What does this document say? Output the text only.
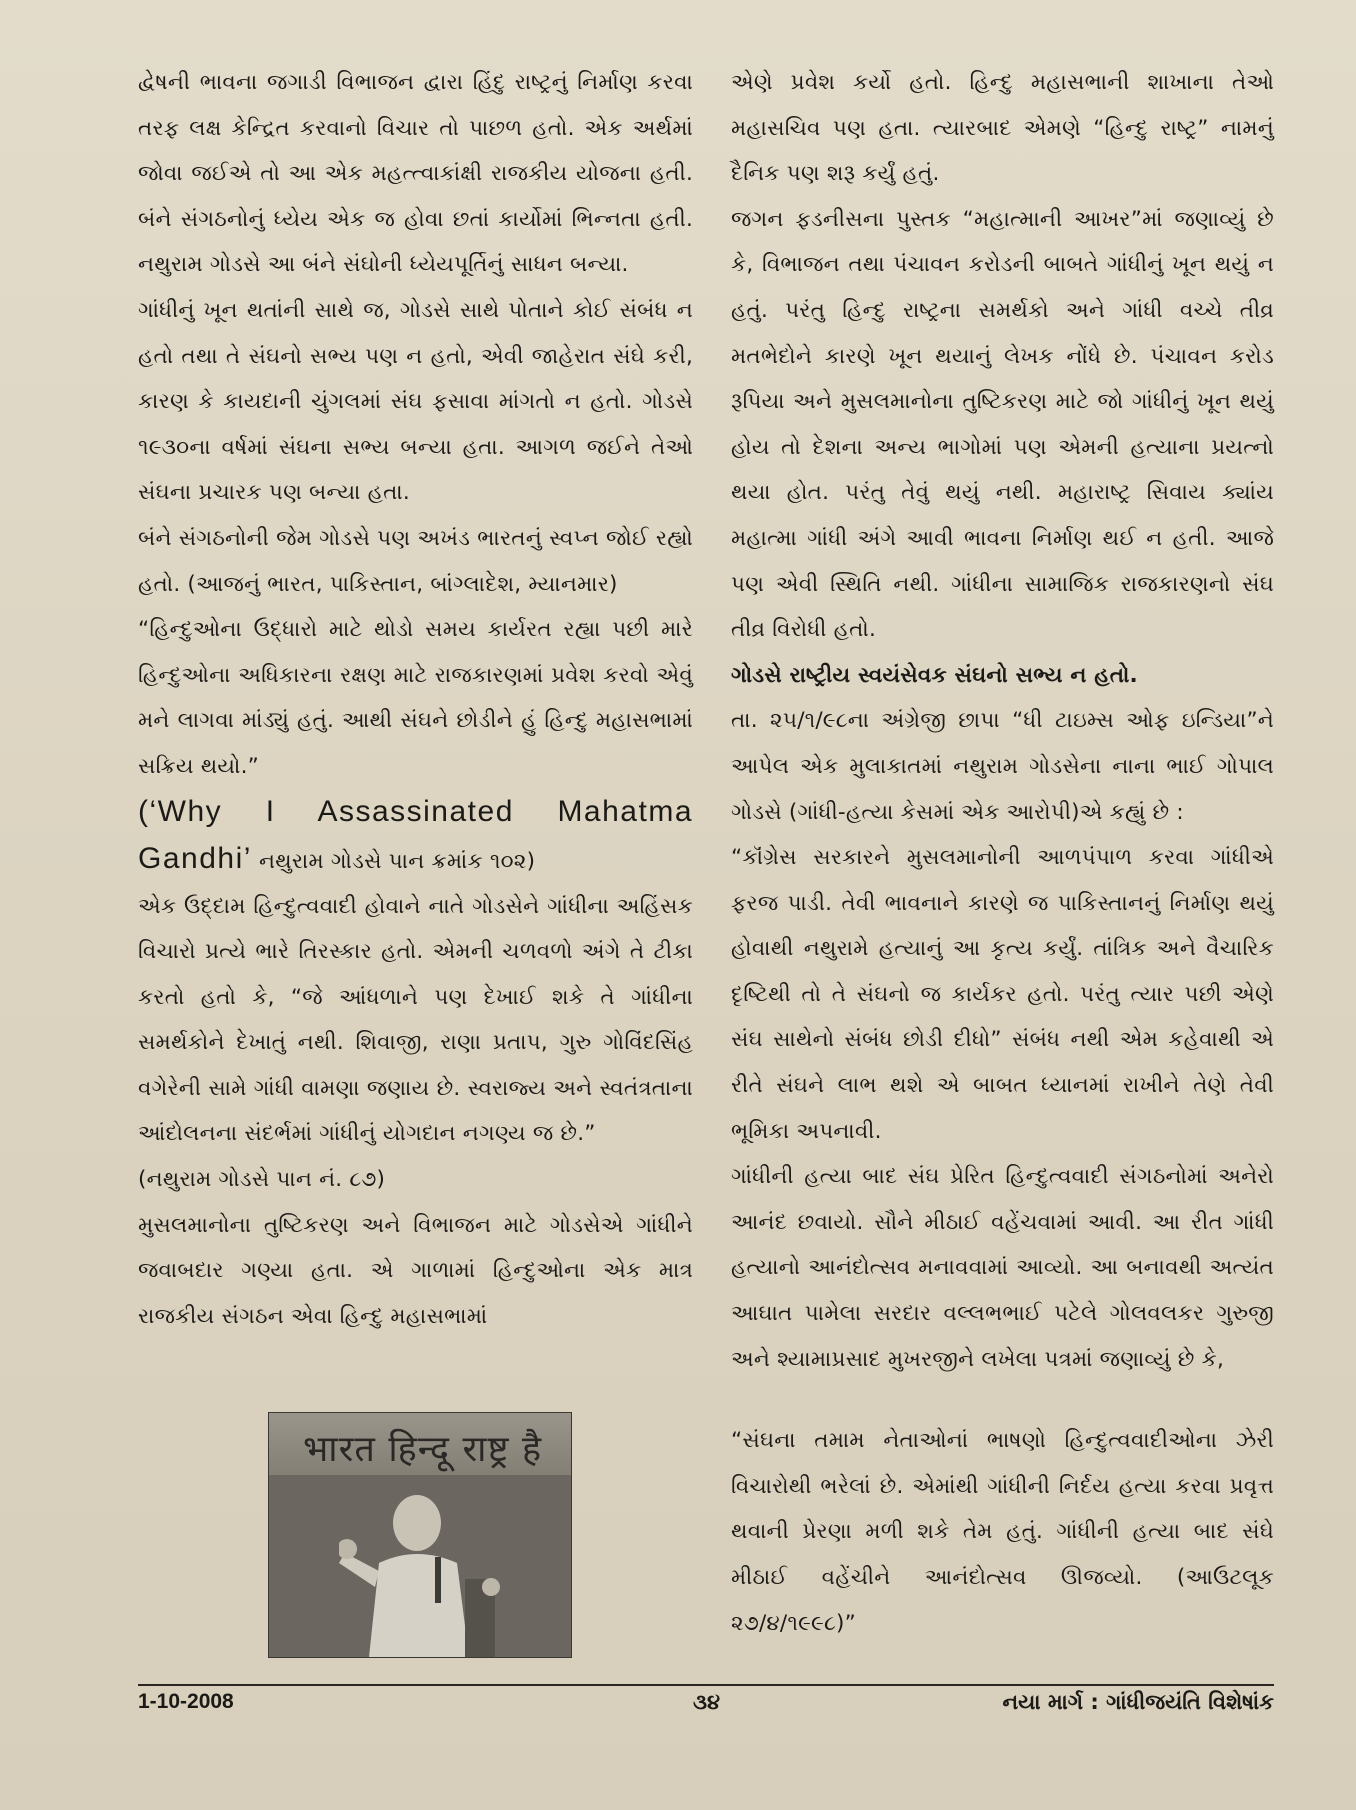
દ્વેષની ભાવના જગાડી વિભાજન દ્વારા હિંદુ રાષ્ટ્રનું નિર્માણ કરવા તરફ લક્ષ કેન્દ્રિત કરવાનો વિચાર તો પાછળ હતો. એક અર્થમાં જોવા જઈએ તો આ એક મહત્ત્વાકાંક્ષી રાજકીય યોજના હતી. બંને સંગઠનોનું ધ્યેય એક જ હોવા છતાં કાર્યોમાં ભિન્નતા હતી. નથુરામ ગોડસે આ બંને સંઘોની ધ્યેયપૂર્તિનું સાધન બન્યા.

ગાંધીનું ખૂન થતાંની સાથે જ, ગોડસે સાથે પોતાને કોઈ સંબંધ ન હતો તથા તે સંઘનો સભ્ય પણ ન હતો, એવી જાહેરાત સંઘે કરી, કારણ કે કાયદાની ચુંગલમાં સંઘ ફસાવા માંગતો ન હતો. ગોડસે ૧૯૩૦ના વર્ષમાં સંઘના સભ્ય બન્યા હતા. આગળ જઈને તેઓ સંઘના પ્રચારક પણ બન્યા હતા.

બંને સંગઠનોની જેમ ગોડસે પણ અખંડ ભારતનું સ્વપ્ન જોઈ રહ્યો હતો. (આજનું ભારત, પાકિસ્તાન, બાંગ્લાદેશ, મ્યાનમાર)

“હિન્દુઓના ઉદ્ધારો માટે થોડો સમય કાર્યરત રહ્યા પછી મારે હિન્દુઓના અધિકારના રક્ષણ માટે રાજકારણમાં પ્રવેશ કરવો એવું મને લાગવા માંડ્યું હતું. આથી સંઘને છોડીને હું હિન્દુ મહાસભામાં સક્રિય થયો.”

(‘Why I Assassinated Mahatma Gandhi’ નથુરામ ગોડસે પાન ક્રમાંક ૧૦૨)

એક ઉદ્દામ હિન્દુત્વવાદી હોવાને નાતે ગોડસેને ગાંધીના અહિંસક વિચારો પ્રત્યે ભારે તિરસ્કાર હતો. એમની ચળવળો અંગે તે ટીકા કરતો હતો કે, “જે આંધળાને પણ દેખાઈ શકે તે ગાંધીના સમર્થકોને દેખાતું નથી. શિવાજી, રાણા પ્રતાપ, ગુરુ ગોવિંદસિંહ વગેરેની સામે ગાંધી વામણા જણાય છે. સ્વરાજ્ય અને સ્વતંત્રતાના આંદોલનના સંદર્ભમાં ગાંધીનું યોગદાન નગણ્ય જ છે.”

(નથુરામ ગોડસે પાન નં. ૮૭)

મુસલમાનોના તુષ્ટિકરણ અને વિભાજન માટે ગોડસેએ ગાંધીને જવાબદાર ગણ્યા હતા. એ ગાળામાં હિન્દુઓના એક માત્ર રાજકીય સંગઠન એવા હિન્દુ મહાસભામાં

भारत हिन्दू राष्ट्र है

એણે પ્રવેશ કર્યો હતો. હિન્દુ મહાસભાની શાખાના તેઓ મહાસચિવ પણ હતા. ત્યારબાદ એમણે “હિન્દુ રાષ્ટ્ર” નામનું દૈનિક પણ શરૂ કર્યું હતું.

જગન ફડનીસના પુસ્તક “મહાત્માની આખર”માં જણાવ્યું છે કે, વિભાજન તથા પંચાવન કરોડની બાબતે ગાંધીનું ખૂન થયું ન હતું. પરંતુ હિન્દુ રાષ્ટ્રના સમર્થકો અને ગાંધી વચ્ચે તીવ્ર મતભેદોને કારણે ખૂન થયાનું લેખક નોંધે છે. પંચાવન કરોડ રૂપિયા અને મુસલમાનોના તુષ્ટિકરણ માટે જો ગાંધીનું ખૂન થયું હોય તો દેશના અન્ય ભાગોમાં પણ એમની હત્યાના પ્રયત્નો થયા હોત. પરંતુ તેવું થયું નથી. મહારાષ્ટ્ર સિવાય ક્યાંય મહાત્મા ગાંધી અંગે આવી ભાવના નિર્માણ થઈ ન હતી. આજે પણ એવી સ્થિતિ નથી. ગાંધીના સામાજિક રાજકારણનો સંઘ તીવ્ર વિરોધી હતો.

ગોડસે રાષ્ટ્રીય સ્વયંસેવક સંઘનો સભ્ય ન હતો.

તા. ૨૫/૧/૯૮ના અંગ્રેજી છાપા “ધી ટાઇમ્સ ઓફ ઇન્ડિયા”ને આપેલ એક મુલાકાતમાં નથુરામ ગોડસેના નાના ભાઈ ગોપાલ ગોડસે (ગાંધી-હત્યા કેસમાં એક આરોપી)એ કહ્યું છે :

“કૉંગ્રેસ સરકારને મુસલમાનોની આળપંપાળ કરવા ગાંધીએ ફરજ પાડી. તેવી ભાવનાને કારણે જ પાકિસ્તાનનું નિર્માણ થયું હોવાથી નથુરામે હત્યાનું આ કૃત્ય કર્યું. તાંત્રિક અને વૈચારિક દૃષ્ટિથી તો તે સંઘનો જ કાર્યકર હતો. પરંતુ ત્યાર પછી એણે સંઘ સાથેનો સંબંધ છોડી દીધો” સંબંધ નથી એમ કહેવાથી એ રીતે સંઘને લાભ થશે એ બાબત ધ્યાનમાં રાખીને તેણે તેવી ભૂમિકા અપનાવી.

ગાંધીની હત્યા બાદ સંઘ પ્રેરિત હિન્દુત્વવાદી સંગઠનોમાં અનેરો આનંદ છવાયો. સૌને મીઠાઈ વહેંચવામાં આવી. આ રીત ગાંધી હત્યાનો આનંદોત્સવ મનાવવામાં આવ્યો. આ બનાવથી અત્યંત આઘાત પામેલા સરદાર વલ્લભભાઈ પટેલે ગોલવલકર ગુરુજી અને શ્યામાપ્રસાદ મુખરજીને લખેલા પત્રમાં જણાવ્યું છે કે,

“સંઘના તમામ નેતાઓનાં ભાષણો હિન્દુત્વવાદીઓના ઝેરી વિચારોથી ભરેલાં છે. એમાંથી ગાંધીની નિર્દય હત્યા કરવા પ્રવૃત્ત થવાની પ્રેરણા મળી શકે તેમ હતું. ગાંધીની હત્યા બાદ સંઘે મીઠાઈ વહેંચીને આનંદોત્સવ ઊજવ્યો. (આઉટલૂક ૨૭/૪/૧૯૯૮)”

1-10-2008	૩૪	નયા માર્ગ : ગાંધીજયંતિ વિશેષાંક
